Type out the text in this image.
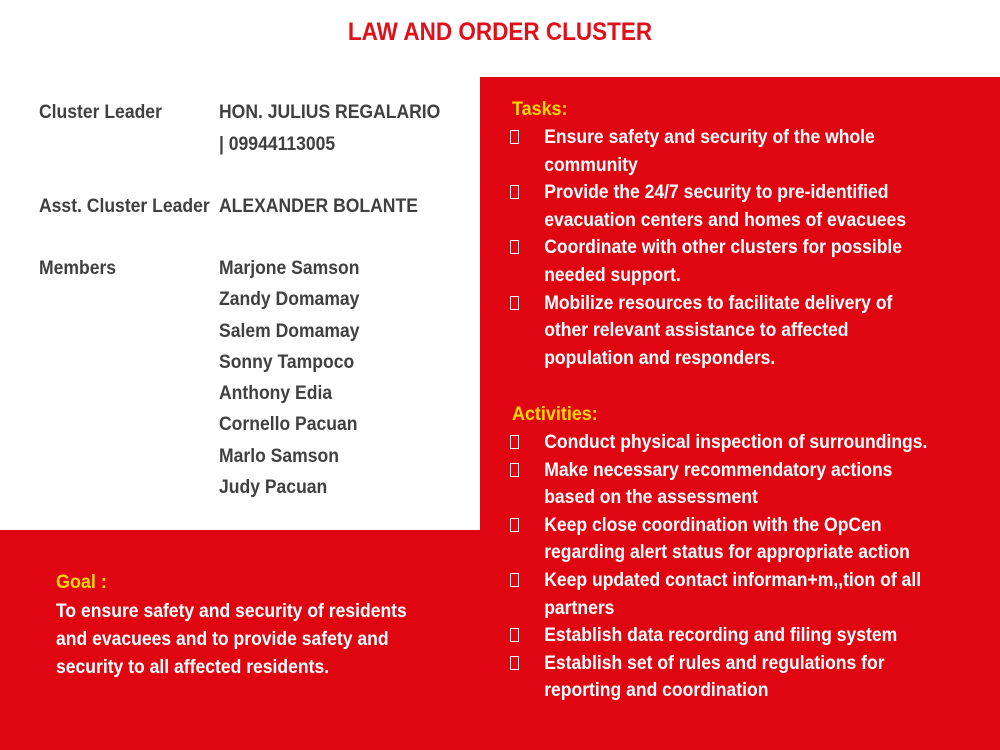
LAW AND ORDER CLUSTER
Cluster Leader	HON. JULIUS REGALARIO
| 09944113005
Asst. Cluster Leader ALEXANDER BOLANTE
Members	Marjone Samson
Zandy Domamay
Salem Domamay
Sonny Tampoco
Anthony Edia
Cornello Pacuan
Marlo Samson
Judy Pacuan
Tasks:
Ensure safety and security of the whole
community
Provide the 24/7 security to pre-identified
evacuation centers and homes of evacuees
Coordinate with other clusters for possible
needed support.
Mobilize resources to facilitate delivery of
other relevant assistance to affected
population and responders.
Activities:
Conduct physical inspection of surroundings.
Make necessary recommendatory actions
based on the assessment
Keep close coordination with the OpCen
regarding alert status for appropriate action
Keep updated contact informan+m,,tion of all
partners
Establish data recording and filing system
Establish set of rules and regulations for
reporting and coordination
Goal :
To ensure safety and security of residents
and evacuees and to provide safety and
security to all affected residents.
